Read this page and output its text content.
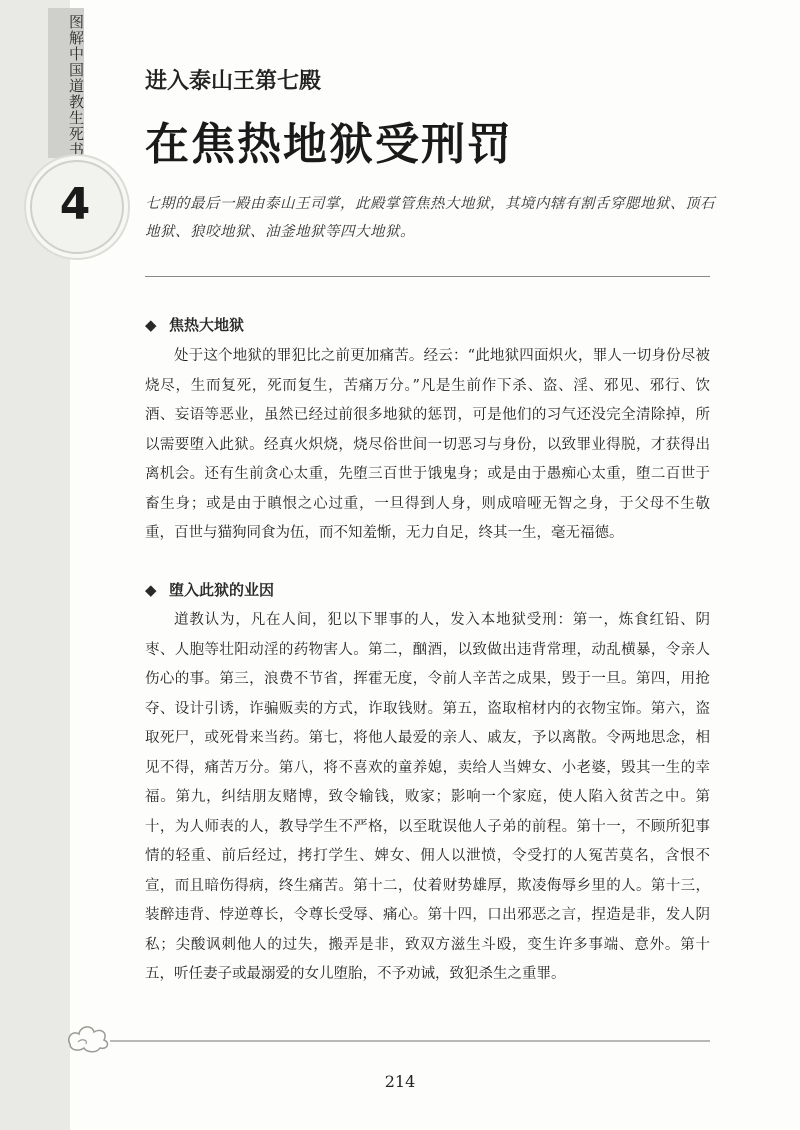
图解中国道教生死书
4
进入泰山王第七殿
在焦热地狱受刑罚
七期的最后一殿由泰山王司掌，此殿掌管焦热大地狱，其境内辖有割舌穿腮地狱、顶石地狱、狼咬地狱、油釜地狱等四大地狱。
◆ 焦热大地狱

处于这个地狱的罪犯比之前更加痛苦。经云：“此地狱四面炽火，罪人一切身份尽被烧尽，生而复死，死而复生，苦痛万分。”凡是生前作下杀、盗、淫、邪见、邪行、饮酒、妄语等恶业，虽然已经过前很多地狱的惩罚，可是他们的习气还没完全清除掉，所以需要堕入此狱。经真火炽烧，烧尽俗世间一切恶习与身份，以致罪业得脱，才获得出离机会。还有生前贪心太重，先堕三百世于饿鬼身；或是由于愚痴心太重，堕二百世于畜生身；或是由于瞋恨之心过重，一旦得到人身，则成喑哑无智之身，于父母不生敬重，百世与猫狗同食为伍，而不知羞惭，无力自足，终其一生，毫无福德。

◆ 堕入此狱的业因

道教认为，凡在人间，犯以下罪事的人，发入本地狱受刑：第一，炼食红铅、阴枣、人胞等壮阳动淫的药物害人。第二，酗酒，以致做出违背常理，动乱横暴，令亲人伤心的事。第三，浪费不节省，挥霍无度，令前人辛苦之成果，毁于一旦。第四，用抢夺、设计引诱，诈骗贩卖的方式，诈取钱财。第五，盗取棺材内的衣物宝饰。第六，盗取死尸，或死骨来当药。第七，将他人最爱的亲人、戚友，予以离散。令两地思念，相见不得，痛苦万分。第八，将不喜欢的童养媳，卖给人当婢女、小老婆，毁其一生的幸福。第九，纠结朋友赌博，致令输钱，败家；影响一个家庭，使人陷入贫苦之中。第十，为人师表的人，教导学生不严格，以至耽误他人子弟的前程。第十一，不顾所犯事情的轻重、前后经过，拷打学生、婢女、佣人以泄愤，令受打的人冤苦莫名，含恨不宣，而且暗伤得病，终生痛苦。第十二，仗着财势雄厚，欺凌侮辱乡里的人。第十三，装醉违背、悖逆尊长，令尊长受辱、痛心。第十四，口出邪恶之言，捏造是非，发人阴私；尖酸讽刺他人的过失，搬弄是非，致双方滋生斗殴，变生许多事端、意外。第十五，听任妻子或最溺爱的女儿堕胎，不予劝诫，致犯杀生之重罪。

214
